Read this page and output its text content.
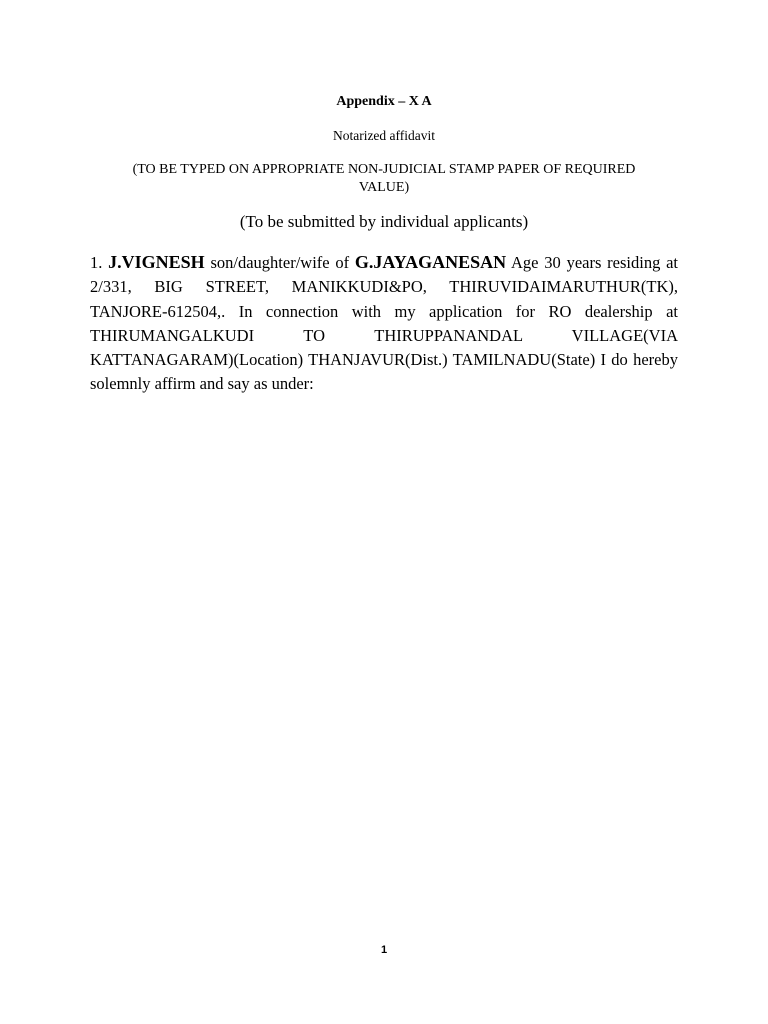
Appendix – X A
Notarized affidavit
(TO BE TYPED ON APPROPRIATE NON-JUDICIAL STAMP PAPER OF REQUIRED
VALUE)
(To be submitted by individual applicants)
1. J.VIGNESH son/daughter/wife of G.JAYAGANESAN Age 30 years residing at 2/331, BIG STREET, MANIKKUDI&PO, THIRUVIDAIMARUTHUR(TK), TANJORE-612504,. In connection with my application for RO dealership at THIRUMANGALKUDI TO THIRUPPANANDAL VILLAGE(VIA KATTANAGARAM)(Location) THANJAVUR(Dist.) TAMILNADU(State) I do hereby solemnly affirm and say as under:
1
